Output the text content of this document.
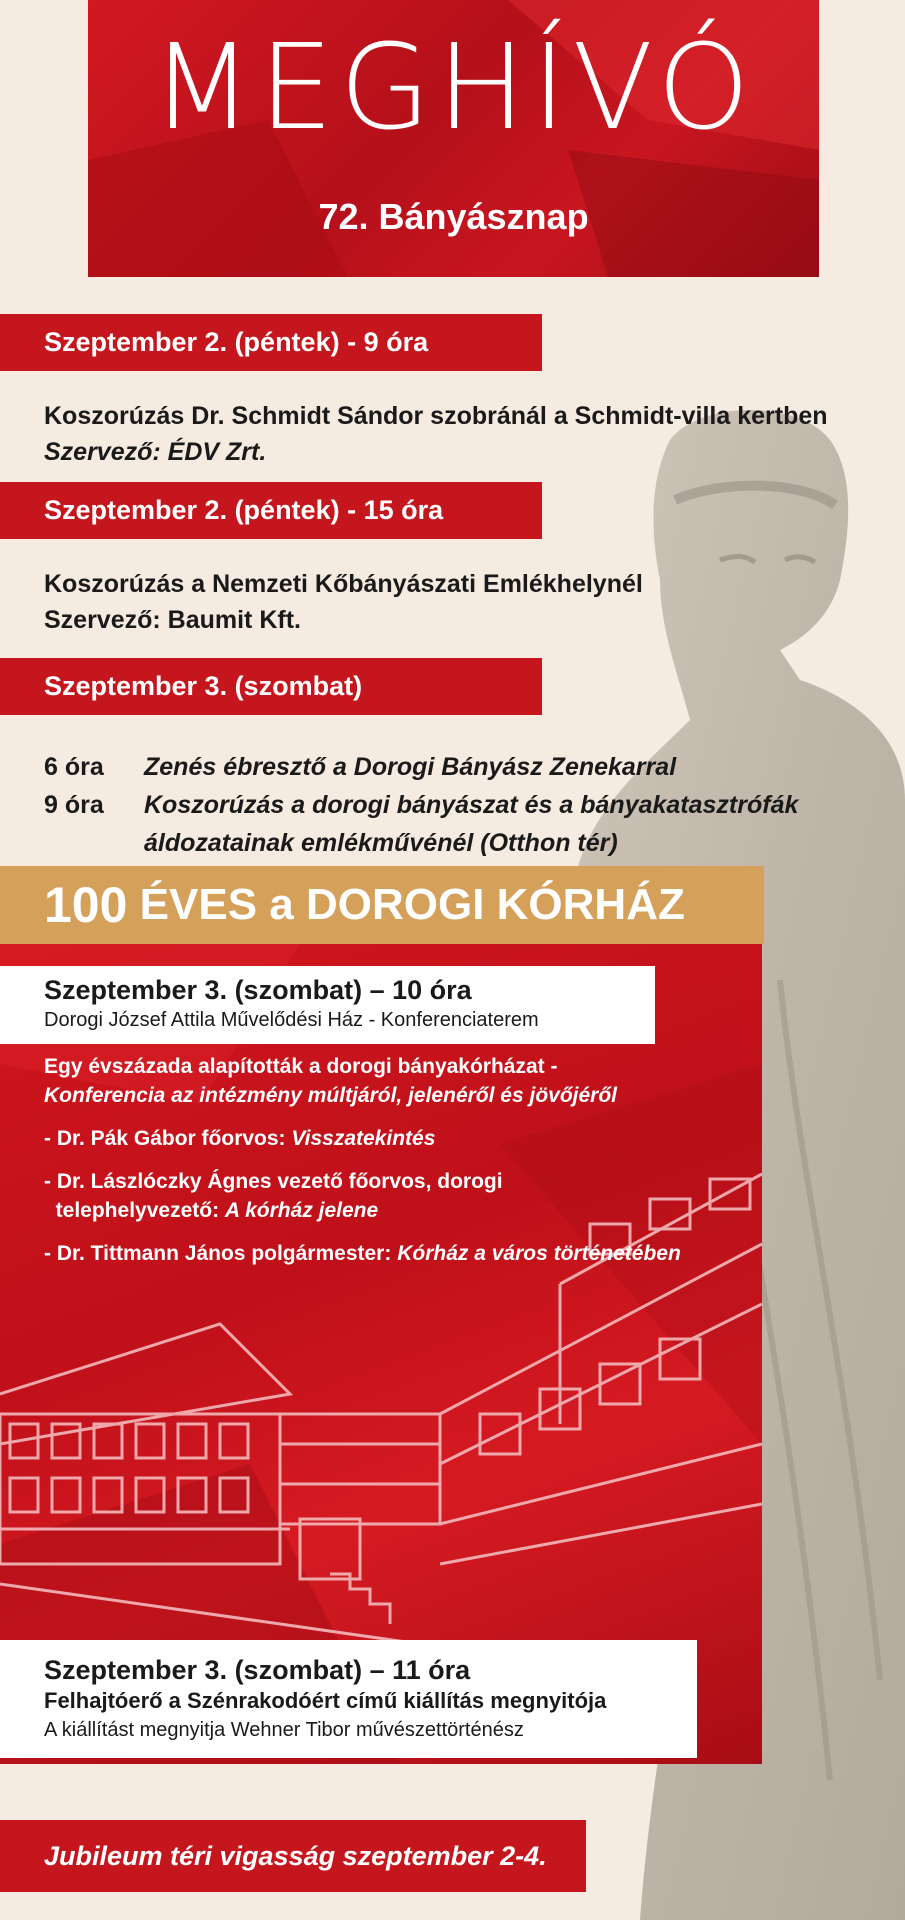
MEGHÍVÓ
72. Bányásznap
Szeptember 2. (péntek) - 9 óra
Koszorúzás Dr. Schmidt Sándor szobránál a Schmidt-villa kertben
Szervező: ÉDV Zrt.
Szeptember 2. (péntek) - 15 óra
Koszorúzás a Nemzeti Kőbányászati Emlékhelynél
Szervező: Baumit Kft.
Szeptember 3. (szombat)
6 óra Zenés ébresztő a Dorogi Bányász Zenekarral
9 óra Koszorúzás a dorogi bányászat és a bányakatasztrófák
áldozatainak emlékművénél (Otthon tér)
100
ÉVES a DOROGI KÓRHÁZ
Szeptember 3. (szombat) – 10 óra
Dorogi József Attila Művelődési Ház - Konferenciaterem

Egy évszázada alapították a dorogi bányakórházat -
Konferencia az intézmény múltjáról, jelenéről és jövőjéről

- Dr. Pák Gábor főorvos: Visszatekintés

- Dr. Lászlóczky Ágnes vezető főorvos, dorogi
telephelyvezető: A kórház jelene

- Dr. Tittmann János polgármester: Kórház a város történetében

Szeptember 3. (szombat) – 11 óra
Felhajtóerő a Szénrakodóért című kiállítás megnyitója
A kiállítást megnyitja Wehner Tibor művészettörténész
Jubileum téri vigasság szeptember 2-4.
